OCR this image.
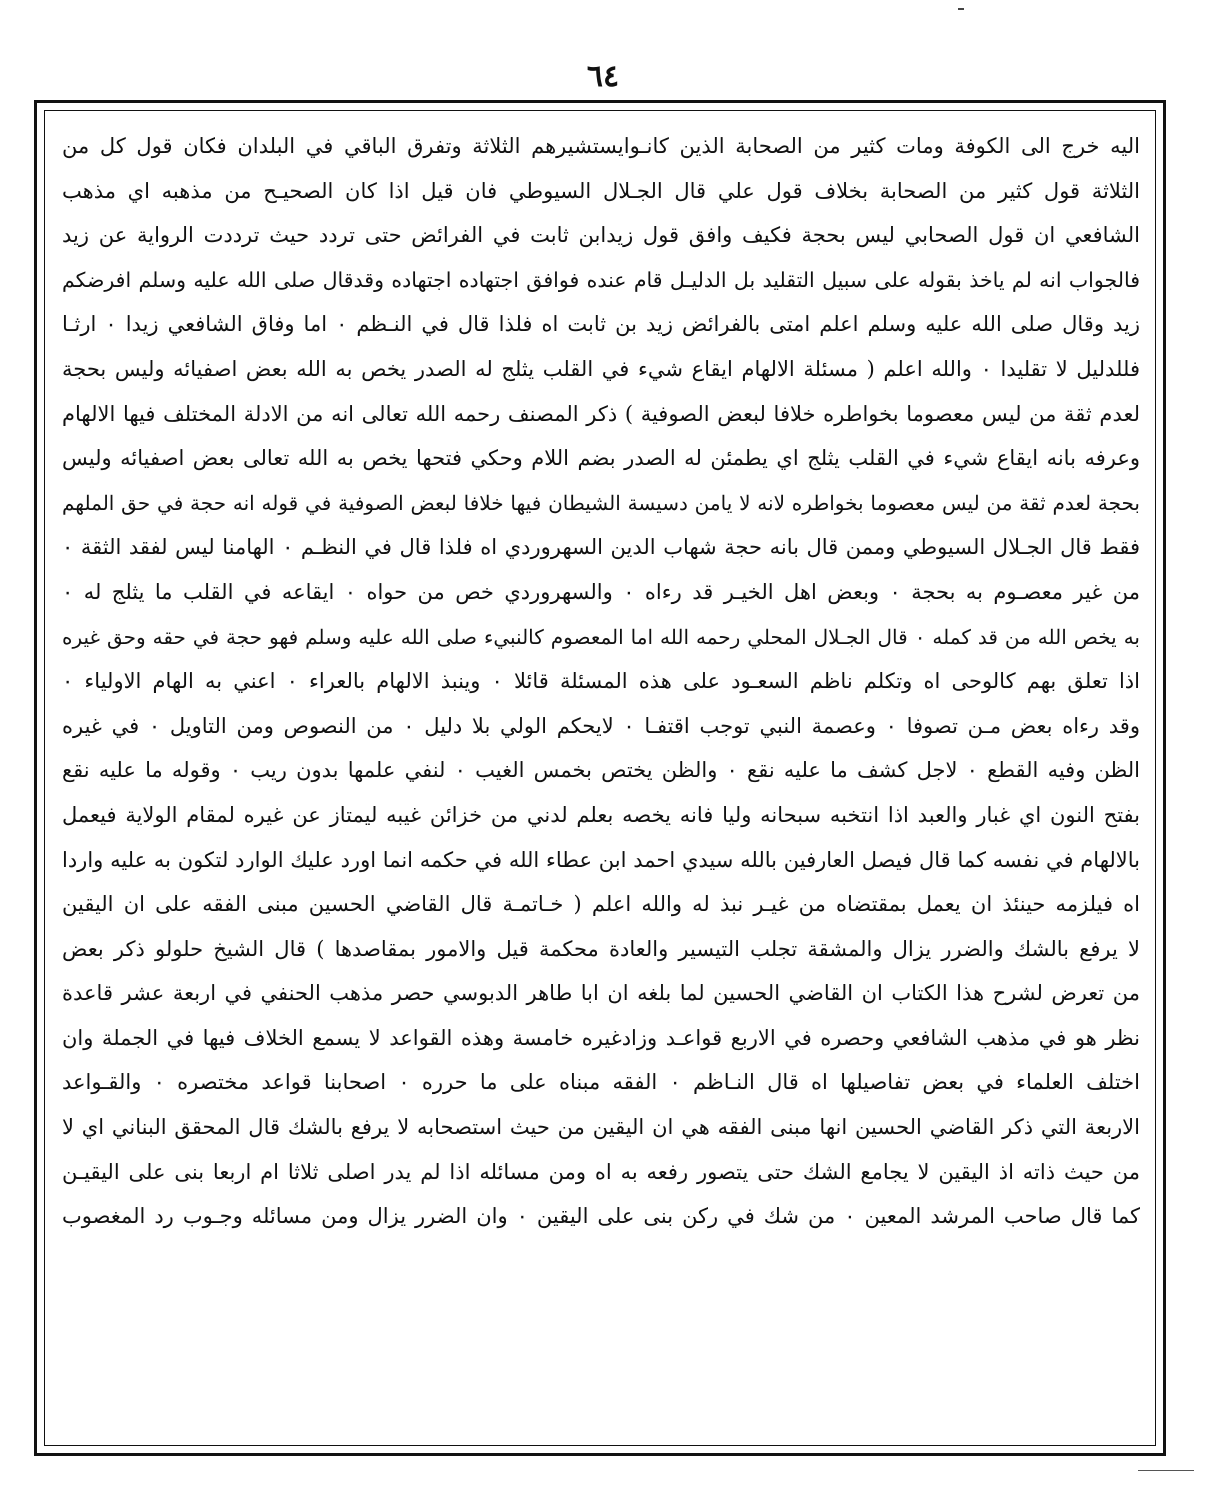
٦٤
اليه خرج الى الكوفة ومات كثير من الصحابة الذين كانـوايستشيرهم الثلاثة وتفرق الباقي في البلدان فكان قول كل من
الثلاثة قول كثير من الصحابة بخلاف قول علي قال الجـلال السيوطي فان قيل اذا كان الصحيـح من مذهبه اي مذهب
الشافعي ان قول الصحابي ليس بحجة فكيف وافق قول زيدابن ثابت في الفرائض حتى تردد حيث ترددت الرواية عن زيد
فالجواب انه لم ياخذ بقوله على سبيل التقليد بل الدليـل قام عنده فوافق اجتهاده اجتهاده وقدقال صلى الله عليه وسلم افرضكم
زيد وقال صلى الله عليه وسلم اعلم امتى بالفرائض زيد بن ثابت اه فلذا قال في النـظم ٠ اما وفاق الشافعي زيدا ٠ ارثـا
فللدليل لا تقليدا ٠ والله اعلم ( مسئلة الالهام ايقاع شيء في القلب يثلج له الصدر يخص به الله بعض اصفيائه وليس بحجة
لعدم ثقة من ليس معصوما بخواطره خلافا لبعض الصوفية ) ذكر المصنف رحمه الله تعالى انه من الادلة المختلف فيها الالهام
وعرفه بانه ايقاع شيء في القلب يثلج اي يطمئن له الصدر بضم اللام وحكي فتحها يخص به الله تعالى بعض اصفيائه وليس
بحجة لعدم ثقة من ليس معصوما بخواطره لانه لا يامن دسيسة الشيطان فيها خلافا لبعض الصوفية في قوله انه حجة في حق الملهم
فقط قال الجـلال السيوطي وممن قال بانه حجة شهاب الدين السهروردي اه فلذا قال في النظـم ٠ الهامنا ليس لفقد الثقة ٠
من غير معصـوم به بحجة ٠ وبعض اهل الخيـر قد رءاه ٠ والسهروردي خص من حواه ٠ ايقاعه في القلب ما يثلج له ٠
به يخص الله من قد كمله ٠ قال الجـلال المحلي رحمه الله اما المعصوم كالنبيء صلى الله عليه وسلم فهو حجة في حقه وحق غيره
اذا تعلق بهم كالوحى اه وتكلم ناظم السعـود على هذه المسئلة قائلا ٠ وينبذ الالهام بالعراء ٠ اعني به الهام الاولياء ٠
وقد رءاه بعض مـن تصوفا ٠ وعصمة النبي توجب اقتفـا ٠ لايحكم الولي بلا دليل ٠ من النصوص ومن التاويل ٠ في غيره
الظن وفيه القطع ٠ لاجل كشف ما عليه نقع ٠ والظن يختص بخمس الغيب ٠ لنفي علمها بدون ريب ٠ وقوله ما عليه نقع
بفتح النون اي غبار والعبد اذا انتخبه سبحانه وليا فانه يخصه بعلم لدني من خزائن غيبه ليمتاز عن غيره لمقام الولاية فيعمل
بالالهام في نفسه كما قال فيصل العارفين بالله سيدي احمد ابن عطاء الله في حكمه انما اورد عليك الوارد لتكون به عليه واردا
اه فيلزمه حينئذ ان يعمل بمقتضاه من غيـر نبذ له والله اعلم ( خـاتمـة قال القاضي الحسين مبنى الفقه على ان اليقين
لا يرفع بالشك والضرر يزال والمشقة تجلب التيسير والعادة محكمة قيل والامور بمقاصدها ) قال الشيخ حلولو ذكر بعض
من تعرض لشرح هذا الكتاب ان القاضي الحسين لما بلغه ان ابا طاهر الدبوسي حصر مذهب الحنفي في اربعة عشر قاعدة
نظر هو في مذهب الشافعي وحصره في الاربع قواعـد وزادغيره خامسة وهذه القواعد لا يسمع الخلاف فيها في الجملة وان
اختلف العلماء في بعض تفاصيلها اه قال النـاظم ٠ الفقه مبناه على ما حرره ٠ اصحابنا قواعد مختصره ٠ والقـواعد
الاربعة التي ذكر القاضي الحسين انها مبنى الفقه هي ان اليقين من حيث استصحابه لا يرفع بالشك قال المحقق البناني اي لا
من حيث ذاته اذ اليقين لا يجامع الشك حتى يتصور رفعه به اه ومن مسائله اذا لم يدر اصلى ثلاثا ام اربعا بنى على اليقيـن
كما قال صاحب المرشد المعين ٠ من شك في ركن بنى على اليقين ٠ وان الضرر يزال ومن مسائله وجـوب رد المغصوب
